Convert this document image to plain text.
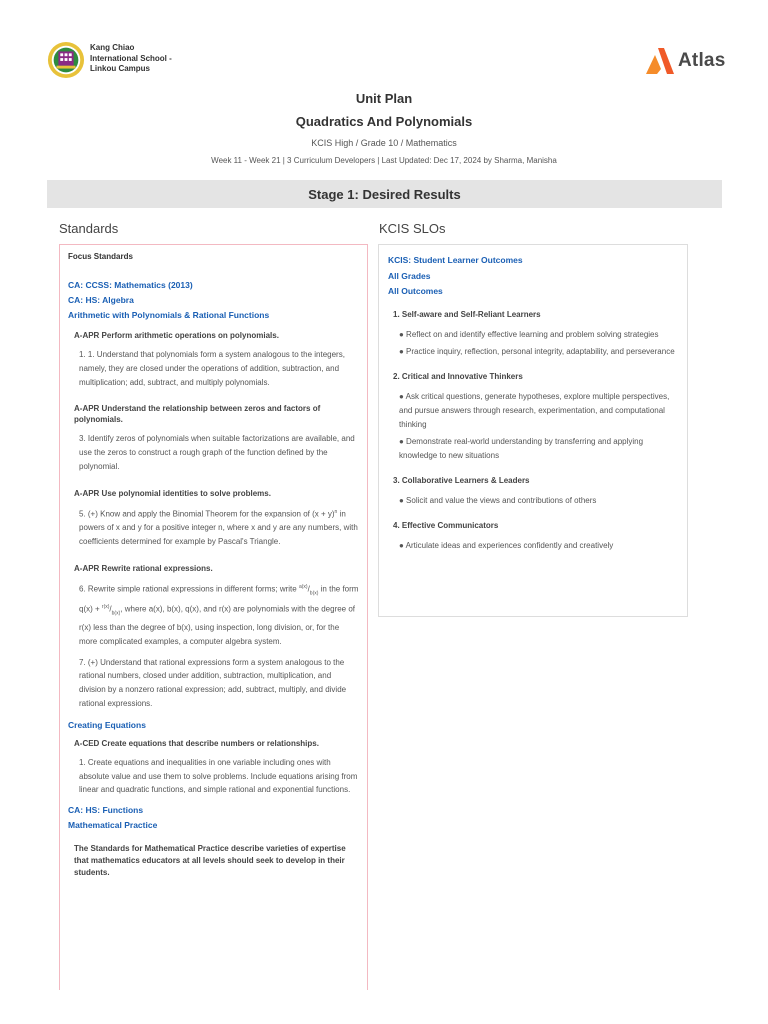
Kang Chiao
International School -
Linkou Campus	Atlas
Unit Plan
Quadratics And Polynomials
KCIS High / Grade 10 / Mathematics
Week 11 - Week 21 | 3 Curriculum Developers | Last Updated: Dec 17, 2024 by Sharma, Manisha
Stage 1: Desired Results
Standards	KCIS SLOs
Focus Standards
CA: CCSS: Mathematics (2013)
CA: HS: Algebra
Arithmetic with Polynomials & Rational Functions
A-APR Perform arithmetic operations on polynomials.
1. 1. Understand that polynomials form a system analogous to the integers, namely, they are closed under the operations of addition, subtraction, and multiplication; add, subtract, and multiply polynomials.
A-APR Understand the relationship between zeros and factors of polynomials.
3. Identify zeros of polynomials when suitable factorizations are available, and use the zeros to construct a rough graph of the function defined by the polynomial.
A-APR Use polynomial identities to solve problems.
5. (+) Know and apply the Binomial Theorem for the expansion of $(x + y)^n$ in powers of x and y for a positive integer n, where x and y are any numbers, with coefficients determined for example by Pascal's Triangle.
A-APR Rewrite rational expressions.
6. Rewrite simple rational expressions in different forms; write $^{a(x)}/_{b(x)}$ in the form $q(x) + ^{r(x)}/_{b(x)}$, where a(x), b(x), q(x), and r(x) are polynomials with the degree of r(x) less than the degree of b(x), using inspection, long division, or, for the more complicated examples, a computer algebra system.
7. (+) Understand that rational expressions form a system analogous to the rational numbers, closed under addition, subtraction, multiplication, and division by a nonzero rational expression; add, subtract, multiply, and divide rational expressions.
Creating Equations
A-CED Create equations that describe numbers or relationships.
1. Create equations and inequalities in one variable including ones with absolute value and use them to solve problems. Include equations arising from linear and quadratic functions, and simple rational and exponential functions.
CA: HS: Functions
Mathematical Practice
The Standards for Mathematical Practice describe varieties of expertise that mathematics educators at all levels should seek to develop in their students.
KCIS: Student Learner Outcomes
All Grades
All Outcomes
1. Self-aware and Self-Reliant Learners
● Reflect on and identify effective learning and problem solving strategies
● Practice inquiry, reflection, personal integrity, adaptability, and perseverance
2. Critical and Innovative Thinkers
● Ask critical questions, generate hypotheses, explore multiple perspectives, and pursue answers through research, experimentation, and computational thinking
● Demonstrate real-world understanding by transferring and applying knowledge to new situations
3. Collaborative Learners & Leaders
● Solicit and value the views and contributions of others
4. Effective Communicators
● Articulate ideas and experiences confidently and creatively
